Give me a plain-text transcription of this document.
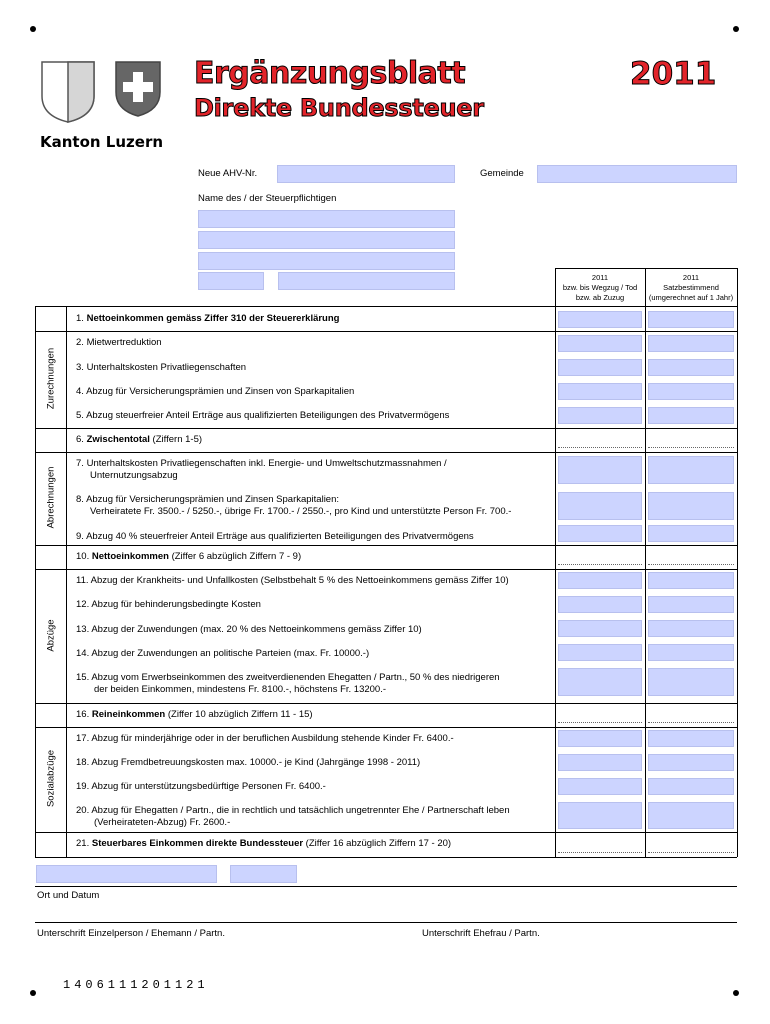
Kanton Luzern
Ergänzungsblatt
Direkte Bundessteuer
2011
Neue AHV-Nr.	Gemeinde
Name des / der Steuerpflichtigen
2011
bzw. bis Wegzug / Tod
bzw. ab Zuzug
2011
Satzbestimmend
(umgerechnet auf 1 Jahr)
Zurechnungen
Abrechnungen
Abzüge
Sozialabzüge
1. Nettoeinkommen gemäss Ziffer 310 der Steuererklärung
2. Mietwertreduktion
3. Unterhaltskosten Privatliegenschaften
4. Abzug für Versicherungsprämien und Zinsen von Sparkapitalien
5. Abzug steuerfreier Anteil Erträge aus qualifizierten Beteiligungen des Privatvermögens
6. Zwischentotal (Ziffern 1-5)
7. Unterhaltskosten Privatliegenschaften inkl. Energie- und Umweltschutzmassnahmen /
Unternutzungsabzug
8. Abzug für Versicherungsprämien und Zinsen Sparkapitalien:
Verheiratete Fr. 3500.- / 5250.-, übrige Fr. 1700.- / 2550.-, pro Kind und unterstützte Person Fr. 700.-
9. Abzug 40 % steuerfreier Anteil Erträge aus qualifizierten Beteiligungen des Privatvermögens
10. Nettoeinkommen (Ziffer 6 abzüglich Ziffern 7 - 9)
11. Abzug der Krankheits- und Unfallkosten (Selbstbehalt 5 % des Nettoeinkommens gemäss Ziffer 10)
12. Abzug für behinderungsbedingte Kosten
13. Abzug der Zuwendungen (max. 20 % des Nettoeinkommens gemäss Ziffer 10)
14. Abzug der Zuwendungen an politische Parteien (max. Fr. 10000.-)
15. Abzug vom Erwerbseinkommen des zweitverdienenden Ehegatten / Partn., 50 % des niedrigeren
der beiden Einkommen, mindestens Fr. 8100.-, höchstens Fr. 13200.-
16. Reineinkommen (Ziffer 10 abzüglich Ziffern 11 - 15)
17. Abzug für minderjährige oder in der beruflichen Ausbildung stehende Kinder Fr. 6400.-
18. Abzug Fremdbetreuungskosten max. 10000.- je Kind (Jahrgänge 1998 - 2011)
19. Abzug für unterstützungsbedürftige Personen Fr. 6400.-
20. Abzug für Ehegatten / Partn., die in rechtlich und tatsächlich ungetrennter Ehe / Partnerschaft leben
(Verheirateten-Abzug) Fr. 2600.-
21. Steuerbares Einkommen direkte Bundessteuer (Ziffer 16 abzüglich Ziffern 17 - 20)
Ort und Datum
Unterschrift Einzelperson / Ehemann / Partn.	Unterschrift Ehefrau / Partn.
1406111201121
